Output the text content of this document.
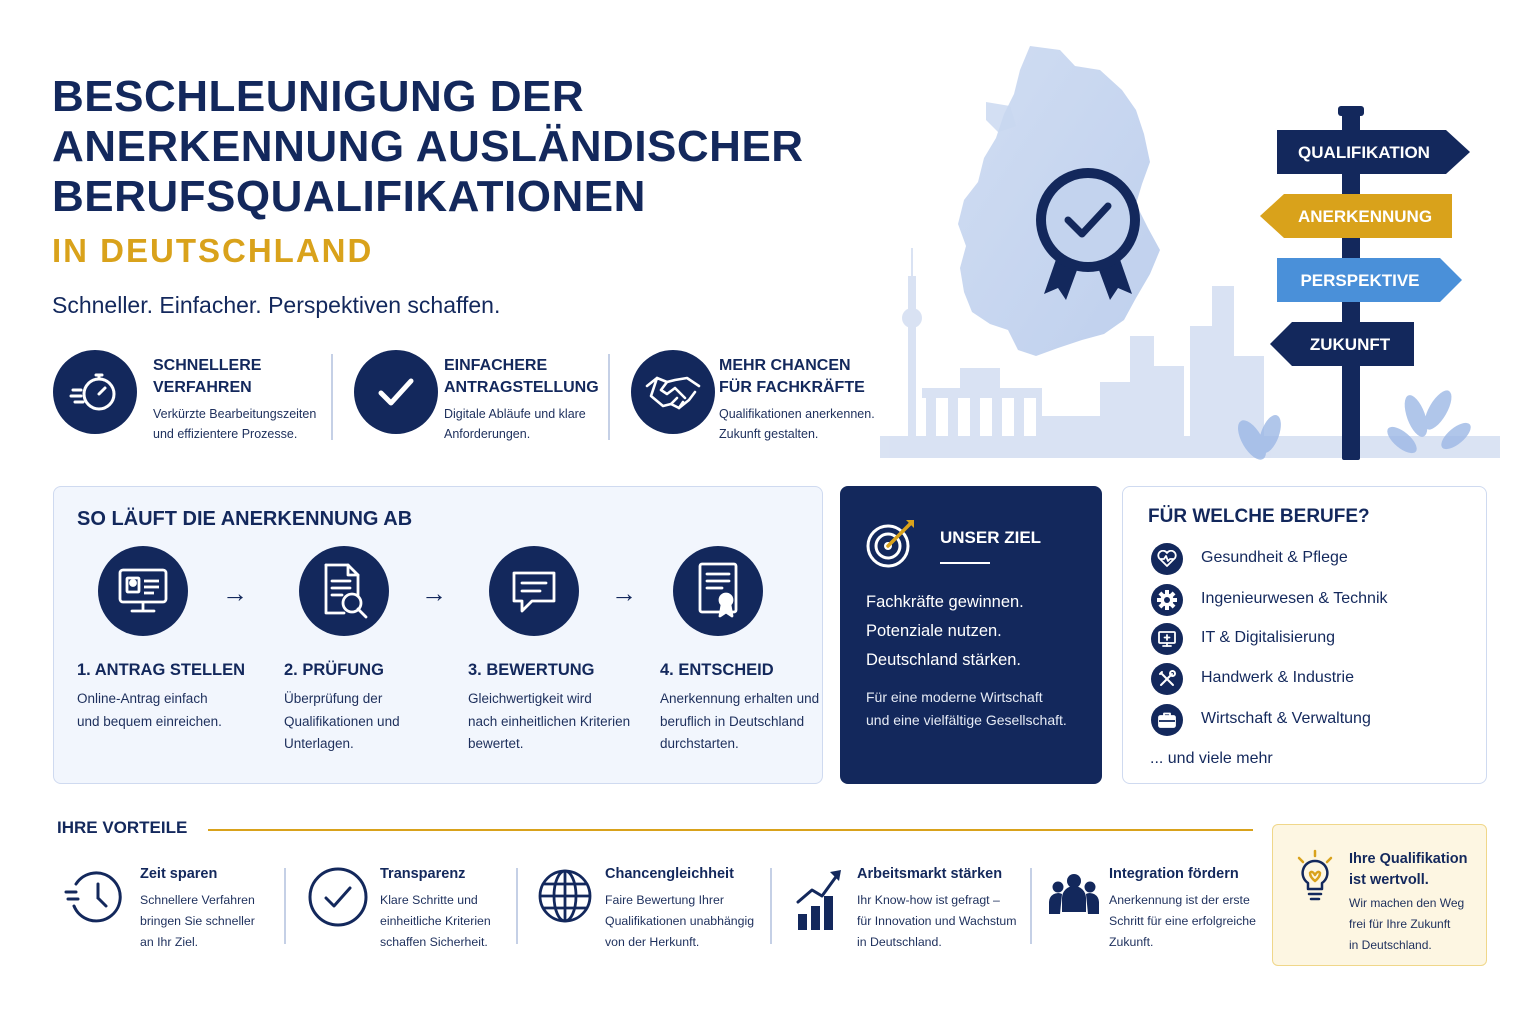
BESCHLEUNIGUNG DER
ANERKENNUNG AUSLÄNDISCHER
BERUFSQUALIFIKATIONEN
IN DEUTSCHLAND
Schneller. Einfacher. Perspektiven schaffen.
SCHNELLERE
VERFAHREN
Verkürzte Bearbeitungszeiten
und effizientere Prozesse.
EINFACHERE
ANTRAGSTELLUNG
Digitale Abläufe und klare
Anforderungen.
MEHR CHANCEN
FÜR FACHKRÄFTE
Qualifikationen anerkennen.
Zukunft gestalten.
QUALIFIKATION
ANERKENNUNG
PERSPEKTIVE
ZUKUNFT
SO LÄUFT DIE ANERKENNUNG AB
→	→	→
1. ANTRAG STELLEN
Online-Antrag einfach
und bequem einreichen.
2. PRÜFUNG
Überprüfung der
Qualifikationen und
Unterlagen.
3. BEWERTUNG
Gleichwertigkeit wird
nach einheitlichen Kriterien
bewertet.
4. ENTSCHEID
Anerkennung erhalten und
beruflich in Deutschland
durchstarten.
UNSER ZIEL
Fachkräfte gewinnen.
Potenziale nutzen.
Deutschland stärken.
Für eine moderne Wirtschaft
und eine vielfältige Gesellschaft.
FÜR WELCHE BERUFE?
Gesundheit & Pflege
Ingenieurwesen & Technik
IT & Digitalisierung
Handwerk & Industrie
Wirtschaft & Verwaltung
... und viele mehr
IHRE VORTEILE
Zeit sparen
Schnellere Verfahren
bringen Sie schneller
an Ihr Ziel.
Transparenz
Klare Schritte und
einheitliche Kriterien
schaffen Sicherheit.
Chancengleichheit
Faire Bewertung Ihrer
Qualifikationen unabhängig
von der Herkunft.
Arbeitsmarkt stärken
Ihr Know-how ist gefragt –
für Innovation und Wachstum
in Deutschland.
Integration fördern
Anerkennung ist der erste
Schritt für eine erfolgreiche
Zukunft.
Ihre Qualifikation
ist wertvoll.
Wir machen den Weg
frei für Ihre Zukunft
in Deutschland.
